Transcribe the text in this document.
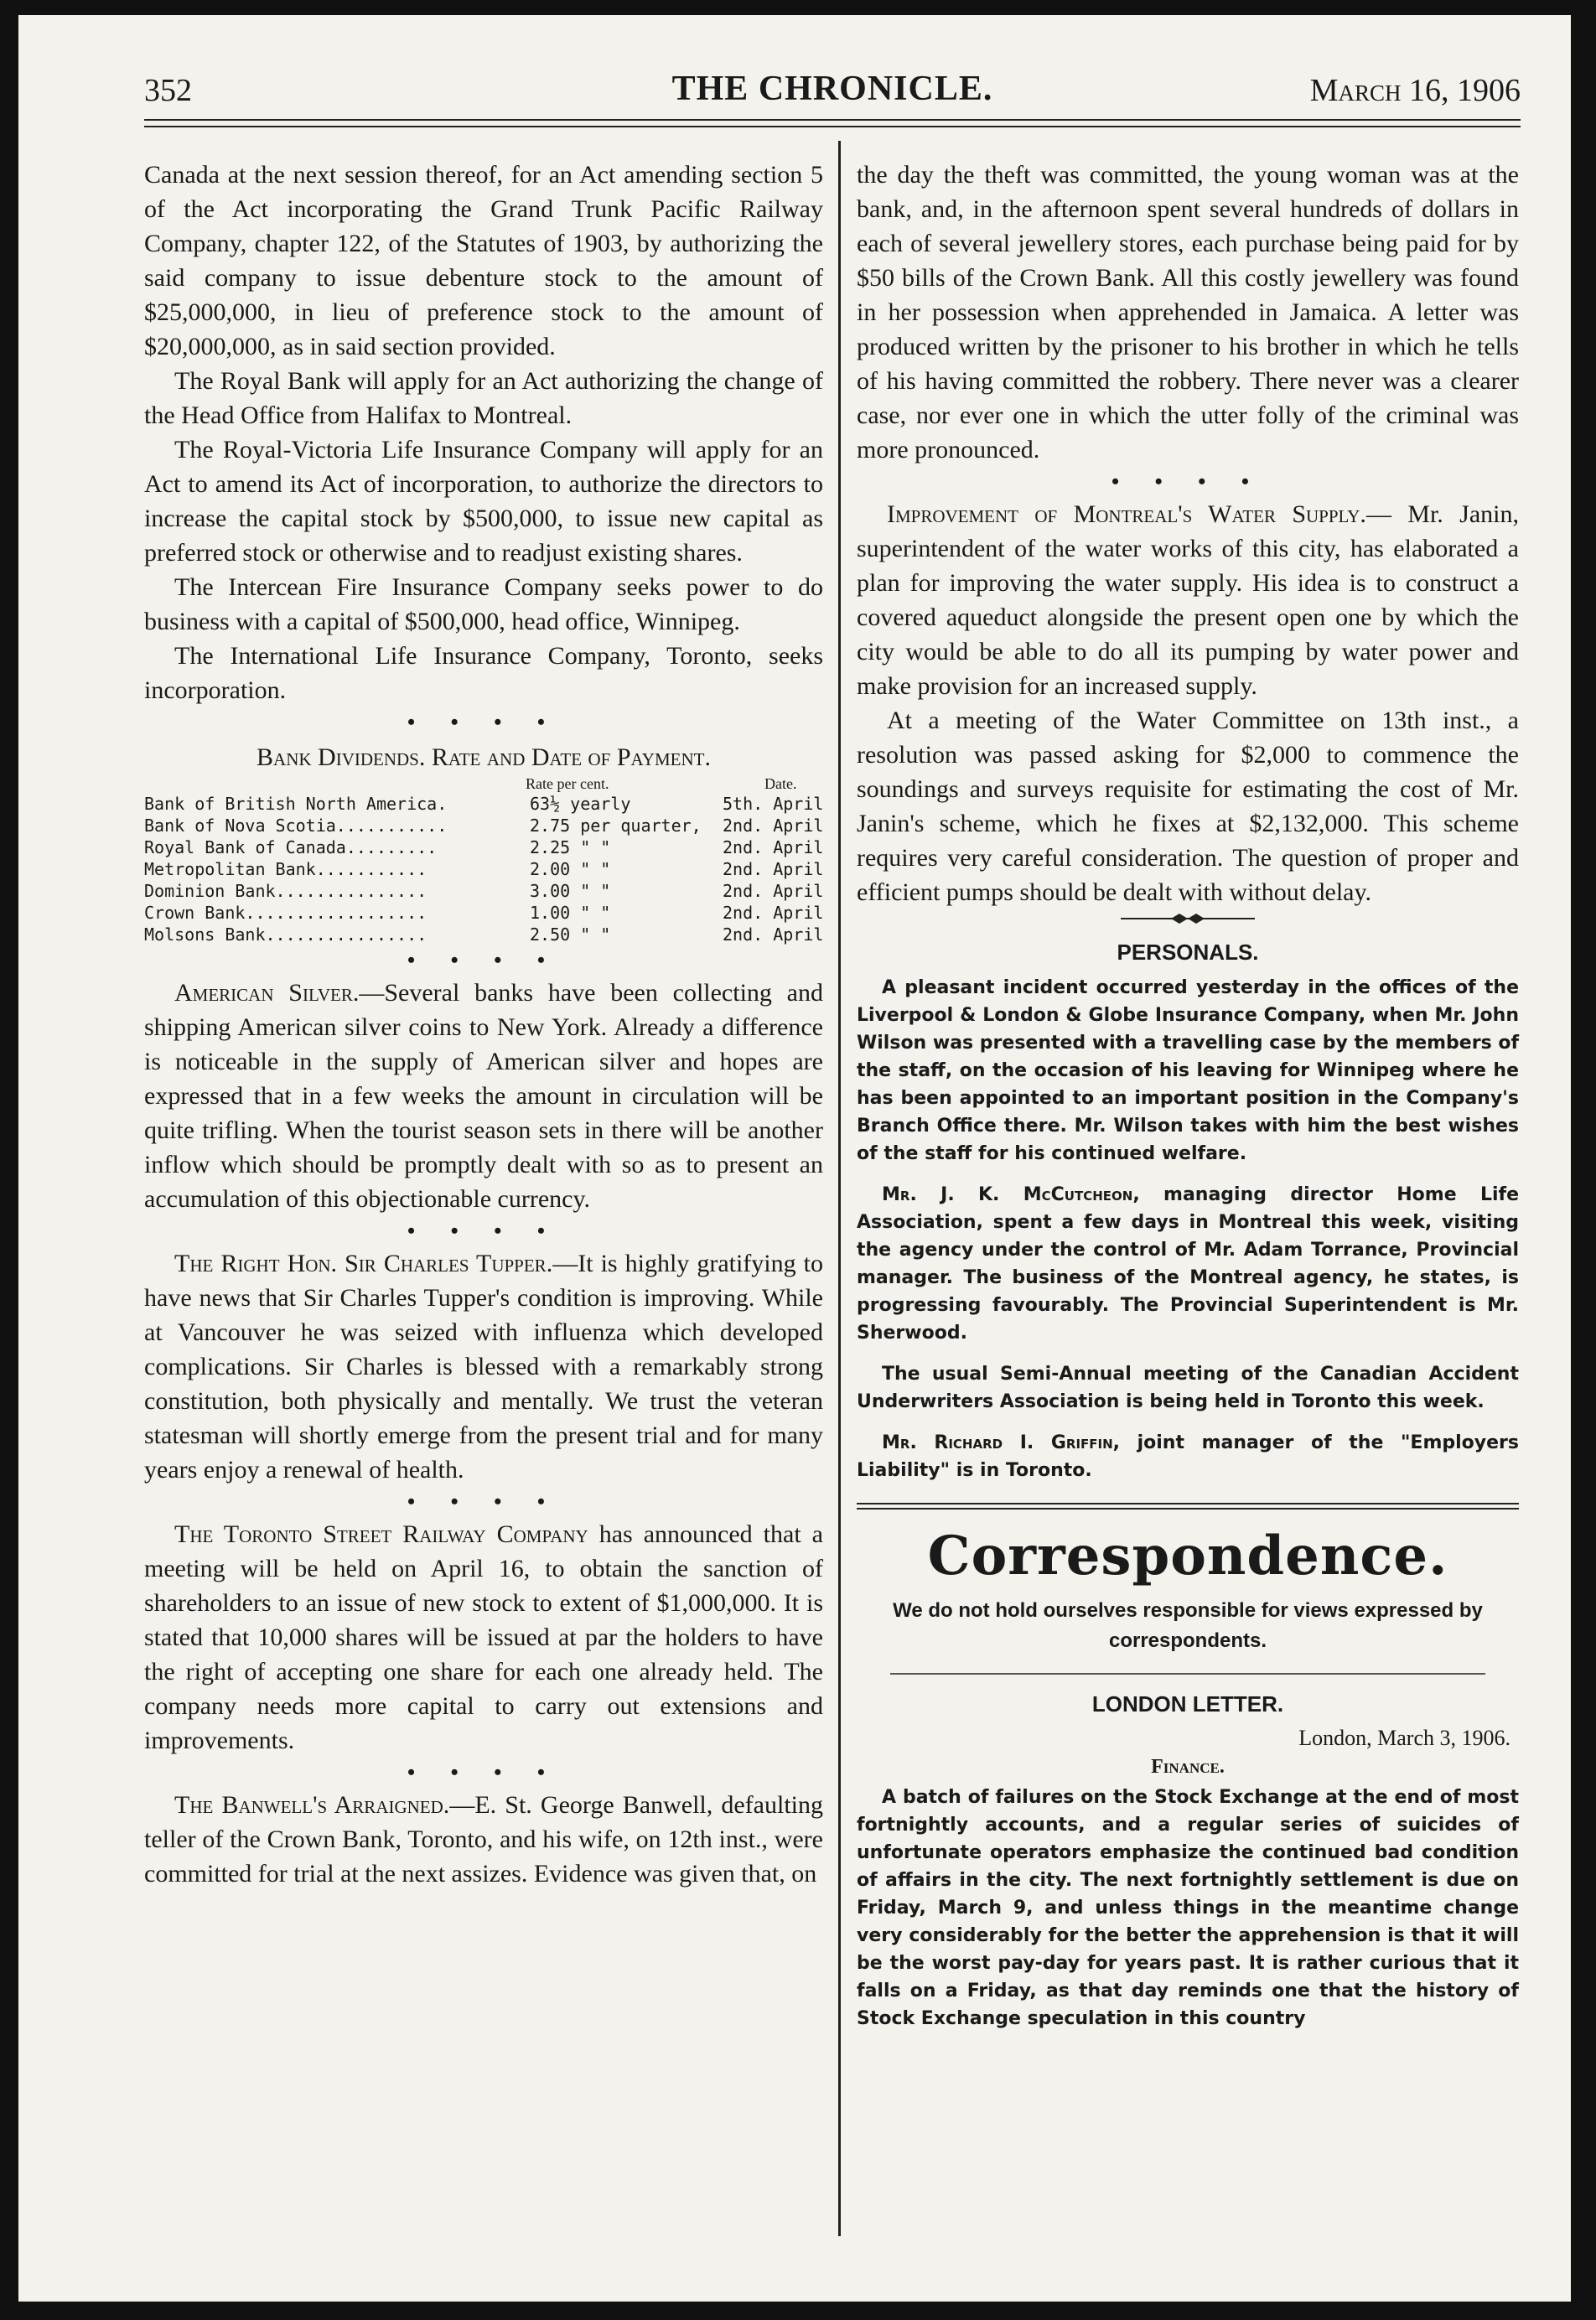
352	THE CHRONICLE.	March 16, 1906

Canada at the next session thereof, for an Act amending section 5 of the Act incorporating the Grand Trunk Pacific Railway Company, chapter 122, of the Statutes of 1903, by authorizing the said company to issue debenture stock to the amount of $25,000,000, in lieu of preference stock to the amount of $20,000,000, as in said section provided.

The Royal Bank will apply for an Act authorizing the change of the Head Office from Halifax to Montreal.

The Royal-Victoria Life Insurance Company will apply for an Act to amend its Act of incorporation, to authorize the directors to increase the capital stock by $500,000, to issue new capital as preferred stock or otherwise and to readjust existing shares.

The Intercean Fire Insurance Company seeks power to do business with a capital of $500,000, head office, Winnipeg.

The International Life Insurance Company, Toronto, seeks incorporation.

• • • •
Bank Dividends. Rate and Date of Payment.
Rate per cent.	Date.
Bank of British North America.	63½ yearly	5th. April
Bank of Nova Scotia...........	2.75 per quarter, 2nd. April
Royal Bank of Canada.........	2.25 " "	2nd. April
Metropolitan Bank...........	2.00 " "	2nd. April
Dominion Bank...............	3.00 " "	2nd. April
Crown Bank..................	1.00 " "	2nd. April
Molsons Bank................	2.50 " "	2nd. April
• • • •

American Silver.—Several banks have been collecting and shipping American silver coins to New York. Already a difference is noticeable in the supply of American silver and hopes are expressed that in a few weeks the amount in circulation will be quite trifling. When the tourist season sets in there will be another inflow which should be promptly dealt with so as to present an accumulation of this objectionable currency.

• • • •

The Right Hon. Sir Charles Tupper.—It is highly gratifying to have news that Sir Charles Tupper's condition is improving. While at Vancouver he was seized with influenza which developed complications. Sir Charles is blessed with a remarkably strong constitution, both physically and mentally. We trust the veteran statesman will shortly emerge from the present trial and for many years enjoy a renewal of health.

• • • •

The Toronto Street Railway Company has announced that a meeting will be held on April 16, to obtain the sanction of shareholders to an issue of new stock to extent of $1,000,000. It is stated that 10,000 shares will be issued at par the holders to have the right of accepting one share for each one already held. The company needs more capital to carry out extensions and improvements.

• • • •

The Banwell's Arraigned.—E. St. George Banwell, defaulting teller of the Crown Bank, Toronto, and his wife, on 12th inst., were committed for trial at the next assizes. Evidence was given that, on

the day the theft was committed, the young woman was at the bank, and, in the afternoon spent several hundreds of dollars in each of several jewellery stores, each purchase being paid for by $50 bills of the Crown Bank. All this costly jewellery was found in her possession when apprehended in Jamaica. A letter was produced written by the prisoner to his brother in which he tells of his having committed the robbery. There never was a clearer case, nor ever one in which the utter folly of the criminal was more pronounced.

• • • •

Improvement of Montreal's Water Supply.— Mr. Janin, superintendent of the water works of this city, has elaborated a plan for improving the water supply. His idea is to construct a covered aqueduct alongside the present open one by which the city would be able to do all its pumping by water power and make provision for an increased supply.

At a meeting of the Water Committee on 13th inst., a resolution was passed asking for $2,000 to commence the soundings and surveys requisite for estimating the cost of Mr. Janin's scheme, which he fixes at $2,132,000. This scheme requires very careful consideration. The question of proper and efficient pumps should be dealt with without delay.

PERSONALS.

A pleasant incident occurred yesterday in the offices of the Liverpool & London & Globe Insurance Company, when Mr. John Wilson was presented with a travelling case by the members of the staff, on the occasion of his leaving for Winnipeg where he has been appointed to an important position in the Company's Branch Office there. Mr. Wilson takes with him the best wishes of the staff for his continued welfare.

Mr. J. K. McCutcheon, managing director Home Life Association, spent a few days in Montreal this week, visiting the agency under the control of Mr. Adam Torrance, Provincial manager. The business of the Montreal agency, he states, is progressing favourably. The Provincial Superintendent is Mr. Sherwood.

The usual Semi-Annual meeting of the Canadian Accident Underwriters Association is being held in Toronto this week.

Mr. Richard I. Griffin, joint manager of the "Employers Liability" is in Toronto.

Correspondence.
We do not hold ourselves responsible for views expressed by correspondents.
LONDON LETTER.
London, March 3, 1906.
Finance.

A batch of failures on the Stock Exchange at the end of most fortnightly accounts, and a regular series of suicides of unfortunate operators emphasize the continued bad condition of affairs in the city. The next fortnightly settlement is due on Friday, March 9, and unless things in the meantime change very considerably for the better the apprehension is that it will be the worst pay-day for years past. It is rather curious that it falls on a Friday, as that day reminds one that the history of Stock Exchange speculation in this country
